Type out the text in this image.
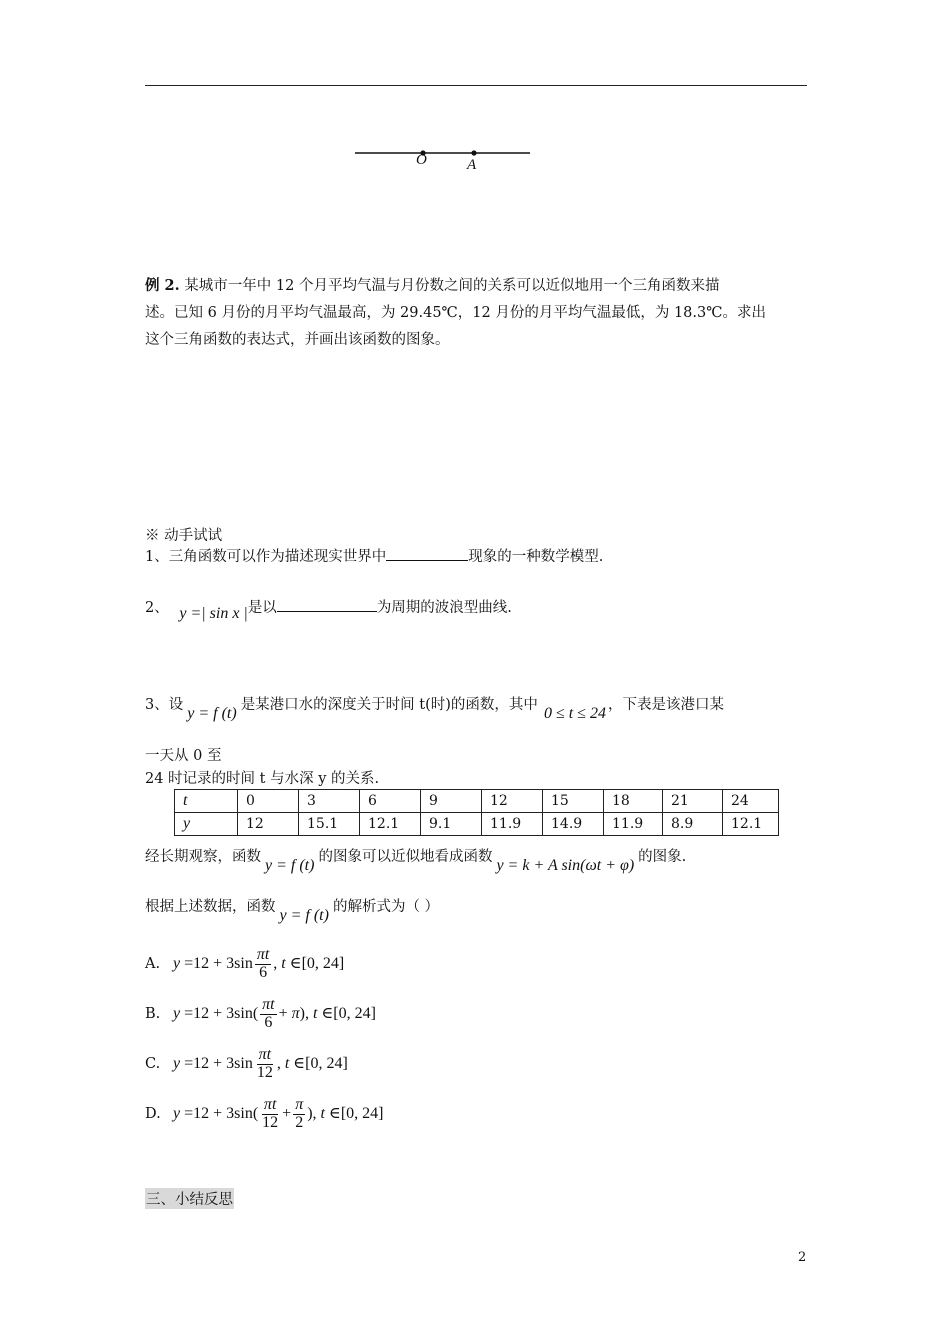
O	A
例 2. 某城市一年中 12 个月平均气温与月份数之间的关系可以近似地用一个三角函数来描
述。已知 6 月份的月平均气温最高，为 29.45℃，12 月份的月平均气温最低，为 18.3℃。求出
这个三角函数的表达式，并画出该函数的图象。
※ 动手试试
1、三角函数可以作为描述现实世界中	现象的一种数学模型.
2、 y =| sin x |是以	为周期的波浪型曲线.
3、设 y = f (t) 是某港口水的深度关于时间 t(时)的函数，其中 0 ≤ t ≤ 24 ，下表是该港口某
一天从 0 至
24 时记录的时间 t 与水深 y 的关系.
t	0	3	6	9	12	15	18	21	24
y	12	15.1	12.1	9.1	11.9	14.9	11.9	8.9	12.1
经长期观察，函数 y = f (t) 的图象可以近似地看成函数 y = k + A sin(ωt + φ) 的图象.
根据上述数据，函数 y = f (t) 的解析式为（ ）
A. $y =12 + 3\sin \frac{\pi t}{6}$ , t ∈[0, 24]
B. $y =12 + 3\sin( \frac{\pi t}{6} + \pi)$, t ∈[0, 24]
C. $y =12 + 3\sin \frac{\pi t}{12}$ , t ∈[0, 24]
D. $y =12 + 3\sin( \frac{\pi t}{12} + \frac{\pi}{2}$ ), t ∈[0, 24]
三、小结反思
2
